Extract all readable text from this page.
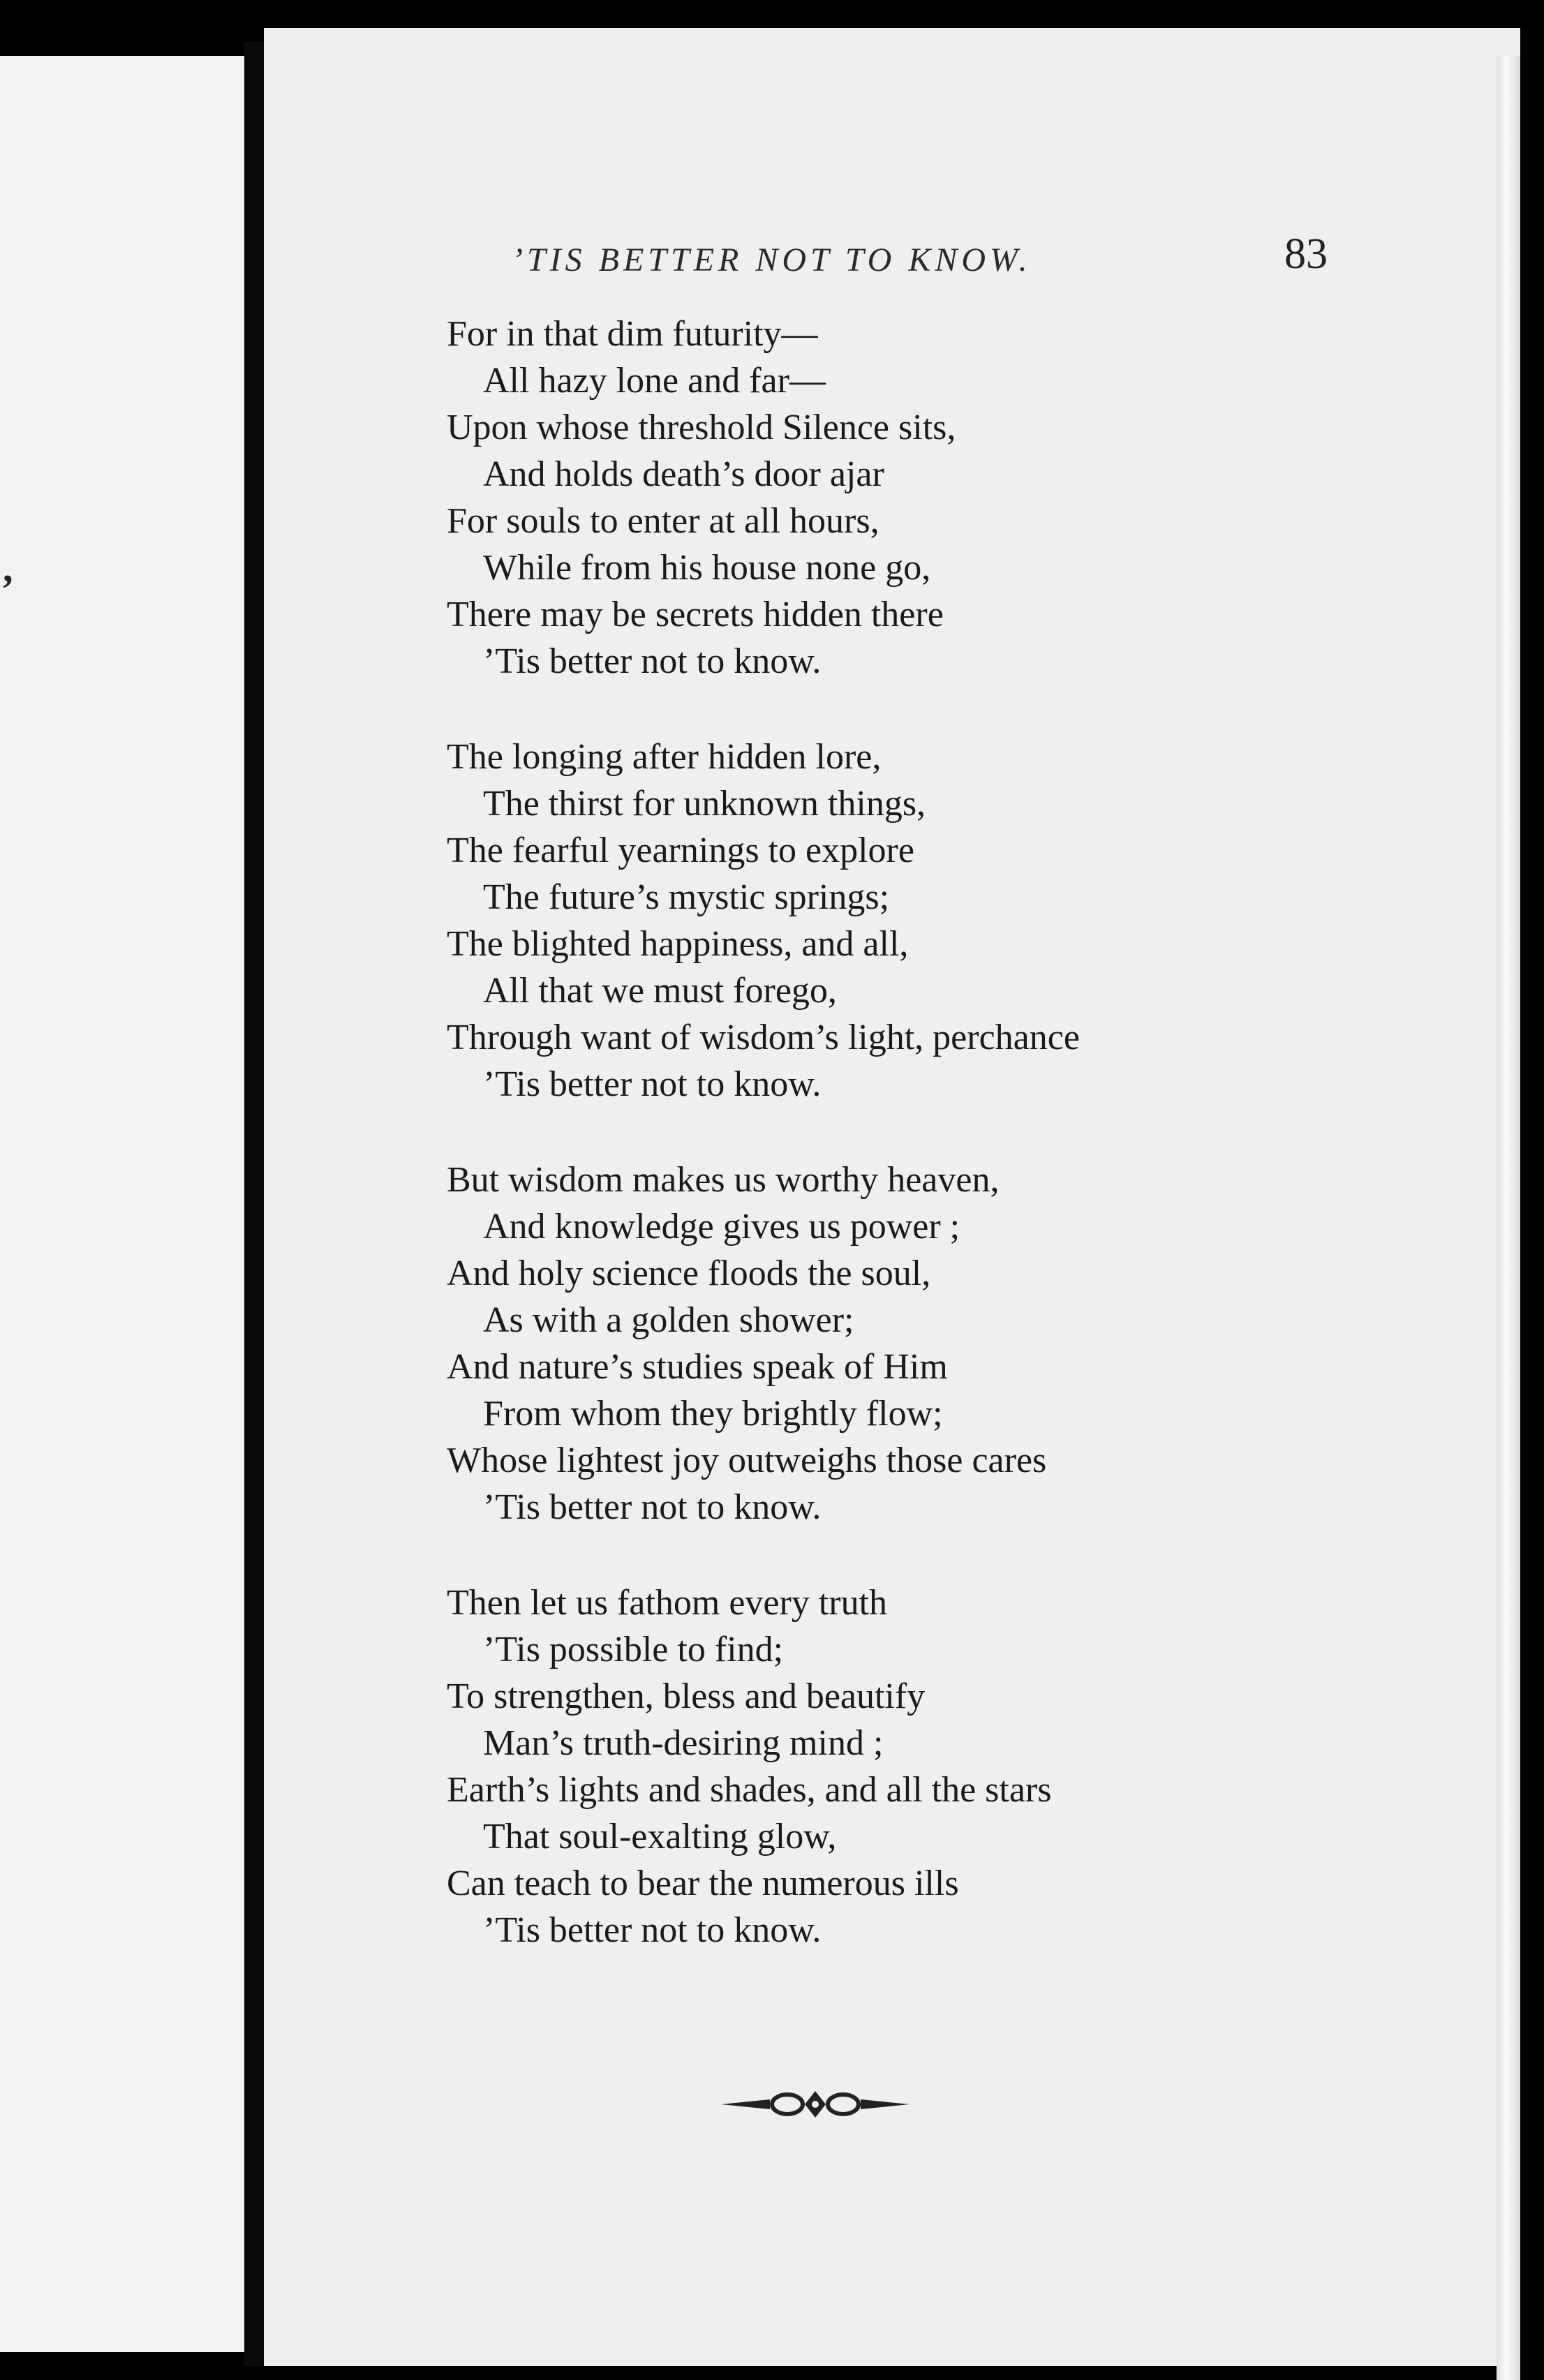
,
’TIS BETTER NOT TO KNOW.	83
For in that dim futurity—
All hazy lone and far—
Upon whose threshold Silence sits,
And holds death’s door ajar
For souls to enter at all hours,
While from his house none go,
There may be secrets hidden there
’Tis better not to know.
The longing after hidden lore,
The thirst for unknown things,
The fearful yearnings to explore
The future’s mystic springs;
The blighted happiness, and all,
All that we must forego,
Through want of wisdom’s light, perchance
’Tis better not to know.
But wisdom makes us worthy heaven,
And knowledge gives us power ;
And holy science floods the soul,
As with a golden shower;
And nature’s studies speak of Him
From whom they brightly flow;
Whose lightest joy outweighs those cares
’Tis better not to know.
Then let us fathom every truth
’Tis possible to find;
To strengthen, bless and beautify
Man’s truth-desiring mind ;
Earth’s lights and shades, and all the stars
That soul-exalting glow,
Can teach to bear the numerous ills
’Tis better not to know.
